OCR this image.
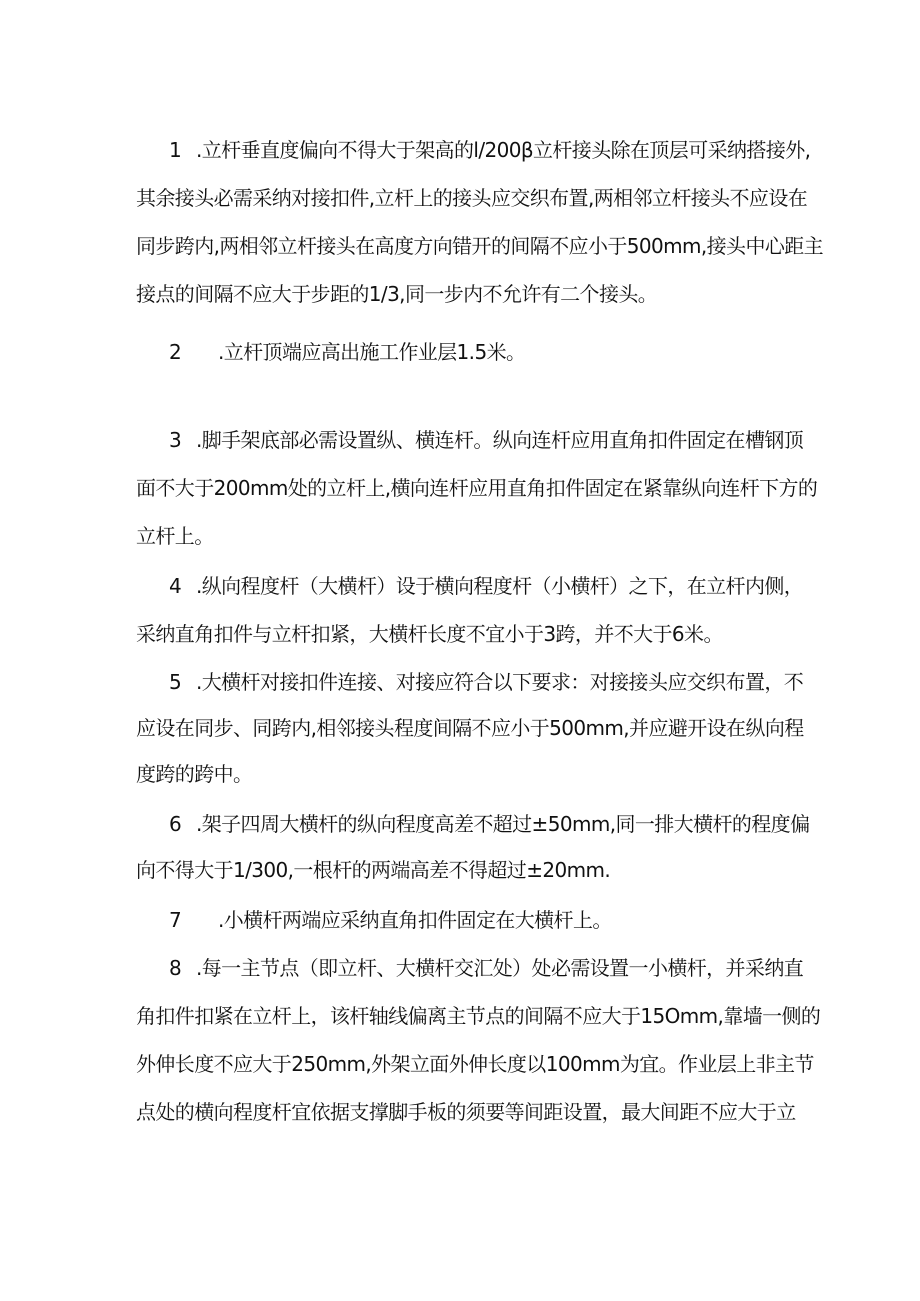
1 .立杆垂直度偏向不得大于架高的l/200β立杆接头除在顶层可采纳搭接外,
其余接头必需采纳对接扣件,立杆上的接头应交织布置,两相邻立杆接头不应设在
同步跨内,两相邻立杆接头在高度方向错开的间隔不应小于500mm,接头中心距主
接点的间隔不应大于步距的1/3,同一步内不允许有二个接头。
2 .立杆顶端应高出施工作业层1.5米。
3 .脚手架底部必需设置纵、横连杆。纵向连杆应用直角扣件固定在槽钢顶
面不大于200mm处的立杆上,横向连杆应用直角扣件固定在紧靠纵向连杆下方的
立杆上。
4 .纵向程度杆（大横杆）设于横向程度杆（小横杆）之下，在立杆内侧，
采纳直角扣件与立杆扣紧，大横杆长度不宜小于3跨，并不大于6米。
5 .大横杆对接扣件连接、对接应符合以下要求：对接接头应交织布置，不
应设在同步、同跨内,相邻接头程度间隔不应小于500mm,并应避开设在纵向程
度跨的跨中。
6 .架子四周大横杆的纵向程度高差不超过±50mm,同一排大横杆的程度偏
向不得大于1/300,一根杆的两端高差不得超过±20mm.
7 .小横杆两端应采纳直角扣件固定在大横杆上。
8 .每一主节点（即立杆、大横杆交汇处）处必需设置一小横杆，并采纳直
角扣件扣紧在立杆上，该杆轴线偏离主节点的间隔不应大于15Omm,靠墙一侧的
外伸长度不应大于250mm,外架立面外伸长度以100mm为宜。作业层上非主节
点处的横向程度杆宜依据支撑脚手板的须要等间距设置，最大间距不应大于立
